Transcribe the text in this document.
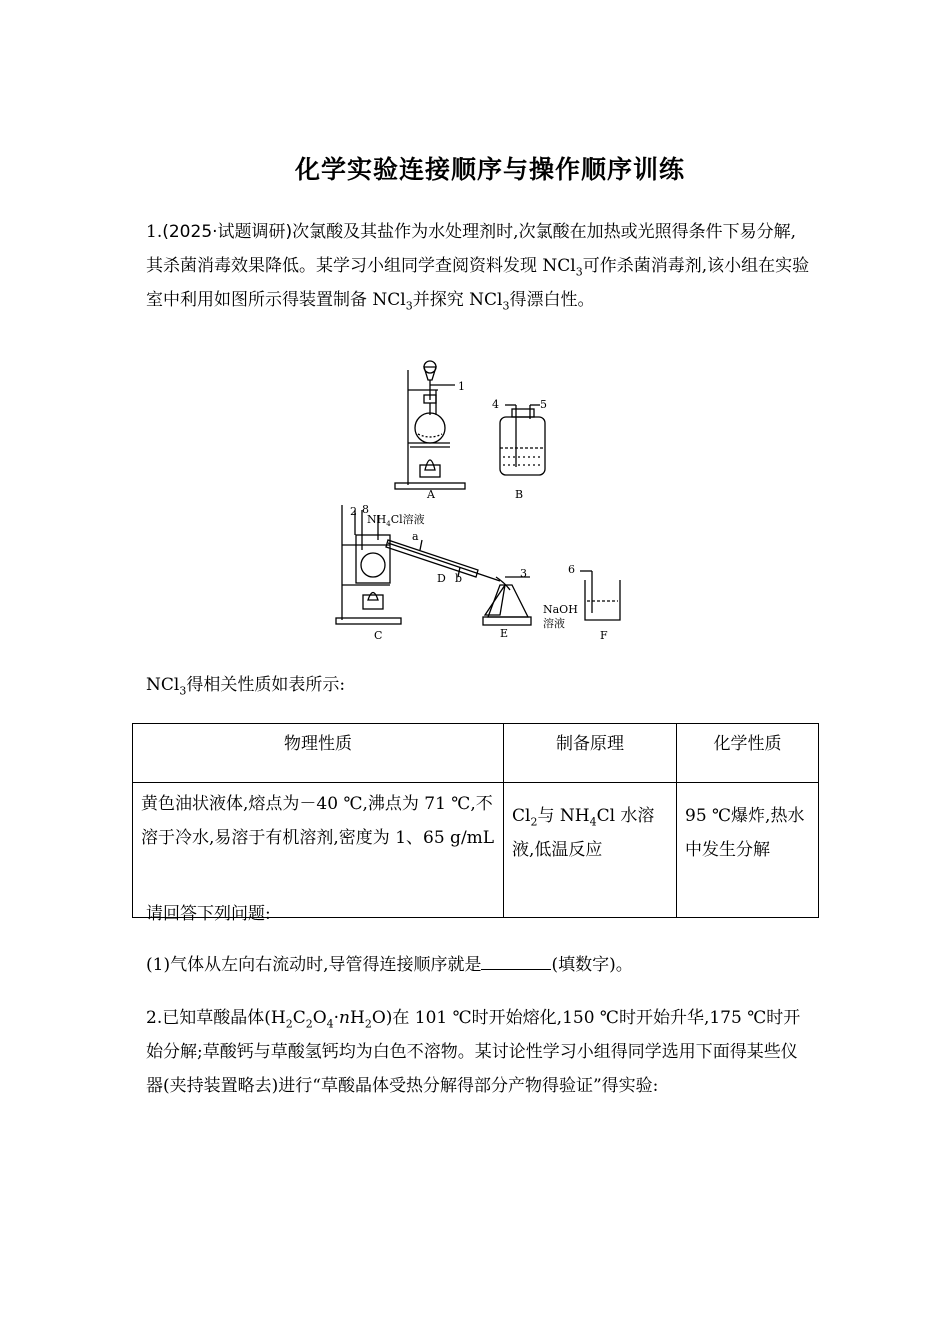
化学实验连接顺序与操作顺序训练
1.(2025·试题调研)次氯酸及其盐作为水处理剂时,次氯酸在加热或光照得条件下易分解,其杀菌消毒效果降低。某学习小组同学查阅资料发现 NCl$_3$可作杀菌消毒剂,该小组在实验室中利用如图所示得装置制备 NCl$_3$并探究 NCl$_3$得漂白性。
1
4	5
A	B
2 8
$NH_4Cl$溶液
a
D b	3	6
NaOH
溶液
C	E	F
NCl$_3$得相关性质如表所示:
物理性质	制备原理	化学性质
黄色油状液体,熔点为－40 ℃,沸点为 71 ℃,不溶于冷水,易溶于有机溶剂,密度为 1、65 g/mL	$Cl_2$与 $NH_4Cl$ 水溶液,低温反应	95 ℃爆炸,热水中发生分解
请回答下列问题:
(1)气体从左向右流动时,导管得连接顺序就是	(填数字)。
2.已知草酸晶体$(H_2C_2O_4\cdot nH_2O)$在 101 ℃时开始熔化,150 ℃时开始升华,175 ℃时开始分解;草酸钙与草酸氢钙均为白色不溶物。某讨论性学习小组得同学选用下面得某些仪器(夹持装置略去)进行“草酸晶体受热分解得部分产物得验证”得实验:
